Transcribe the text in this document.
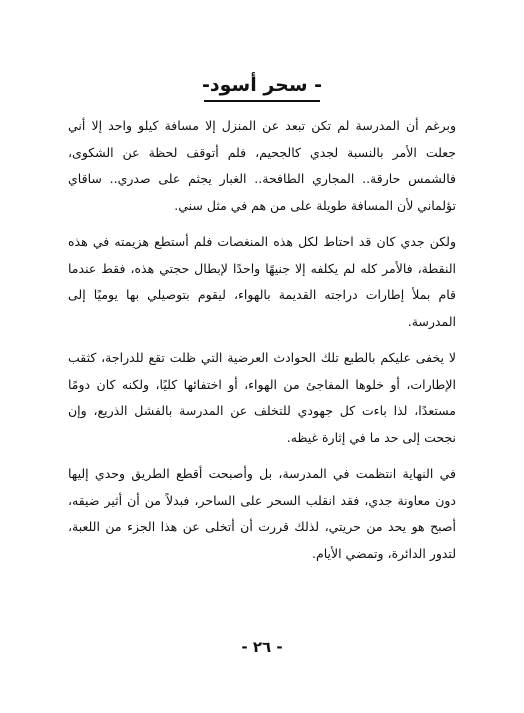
- سحر أسود-

وبرغم أن المدرسة لم تكن تبعد عن المنزل إلا مسافة كيلو واحد إلا أني جعلت الأمر بالنسبة لجدي كالجحيم، فلم أتوقف لحظة عن الشكوى، فالشمس حارقة.. المجاري الطافحة.. الغبار يجثم على صدري.. ساقاي تؤلماني لأن المسافة طويلة على من هم في مثل سني.

ولكن جدي كان قد احتاط لكل هذه المنغصات فلم أستطع هزيمته في هذه النقطة، فالأمر كله لم يكلفه إلا جنيهًا واحدًا لإبطال حجتي هذه، فقط عندما قام بملأ إطارات دراجته القديمة بالهواء، ليقوم بتوصيلي بها يوميًا إلى المدرسة.

لا يخفى عليكم بالطبع تلك الحوادث العرضية التي ظلت تقع للدراجة، كثقب الإطارات، أو خلوها المفاجئ من الهواء، أو اختفائها كليًا، ولكنه كان دومًا مستعدًا، لذا باءت كل جهودي للتخلف عن المدرسة بالفشل الذريع، وإن نجحت إلى حد ما في إثارة غيظه.

في النهاية انتظمت في المدرسة، بل وأصبحت أقطع الطريق وحدي إليها دون معاونة جدي، فقد انقلب السحر على الساحر، فبدلاً من أن أثير ضيقه، أصبح هو يحد من حريتي، لذلك قررت أن أتخلى عن هذا الجزء من اللعبة، لتدور الدائرة، وتمضي الأيام.

- ٢٦ -
